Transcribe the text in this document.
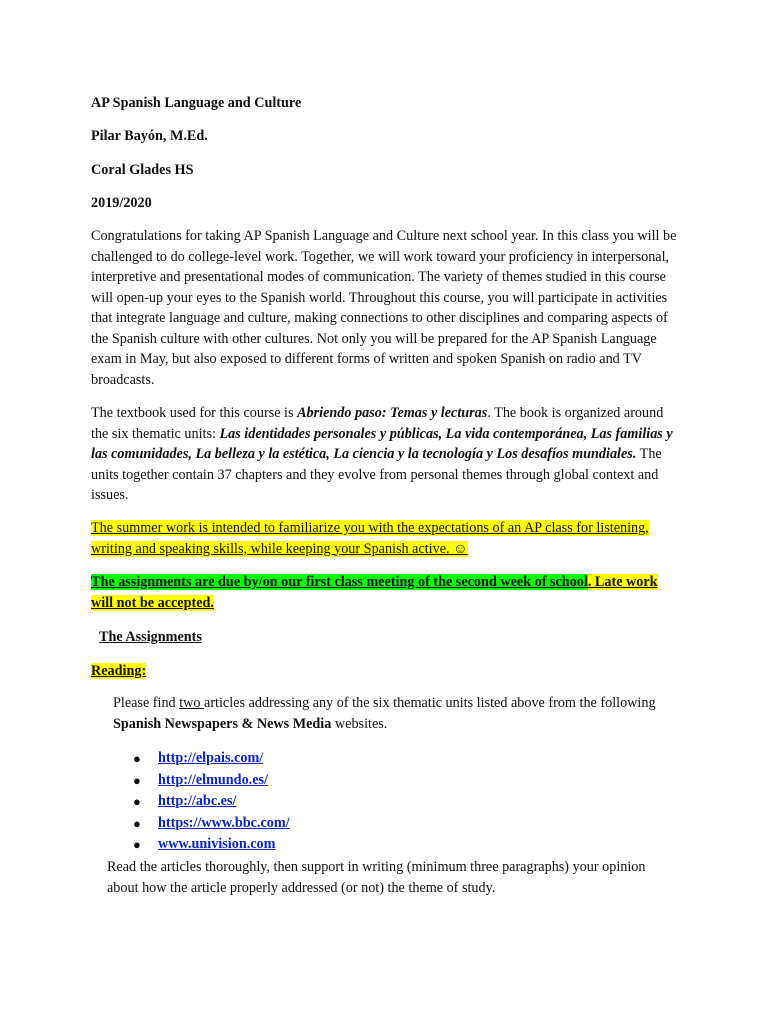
AP Spanish Language and Culture

Pilar Bayón, M.Ed.

Coral Glades HS

2019/2020

Congratulations for taking AP Spanish Language and Culture next school year. In this class you will be challenged to do college-level work. Together, we will work toward your proficiency in interpersonal, interpretive and presentational modes of communication. The variety of themes studied in this course will open-up your eyes to the Spanish world. Throughout this course, you will participate in activities that integrate language and culture, making connections to other disciplines and comparing aspects of the Spanish culture with other cultures. Not only you will be prepared for the AP Spanish Language exam in May, but also exposed to different forms of written and spoken Spanish on radio and TV broadcasts.

The textbook used for this course is Abriendo paso: Temas y lecturas. The book is organized around the six thematic units: Las identidades personales y públicas, La vida contemporánea, Las familias y las comunidades, La belleza y la estética, La ciencia y la tecnología y Los desafíos mundiales. The units together contain 37 chapters and they evolve from personal themes through global context and issues.

The summer work is intended to familiarize you with the expectations of an AP class for listening, writing and speaking skills, while keeping your Spanish active. ☺

The assignments are due by/on our first class meeting of the second week of school. Late work will not be accepted.

The Assignments

Reading:

Please find two articles addressing any of the six thematic units listed above from the following Spanish Newspapers & News Media websites.

● http://elpais.com/
● http://elmundo.es/
● http://abc.es/
● https://www.bbc.com/
● www.univision.com

Read the articles thoroughly, then support in writing (minimum three paragraphs) your opinion about how the article properly addressed (or not) the theme of study.
